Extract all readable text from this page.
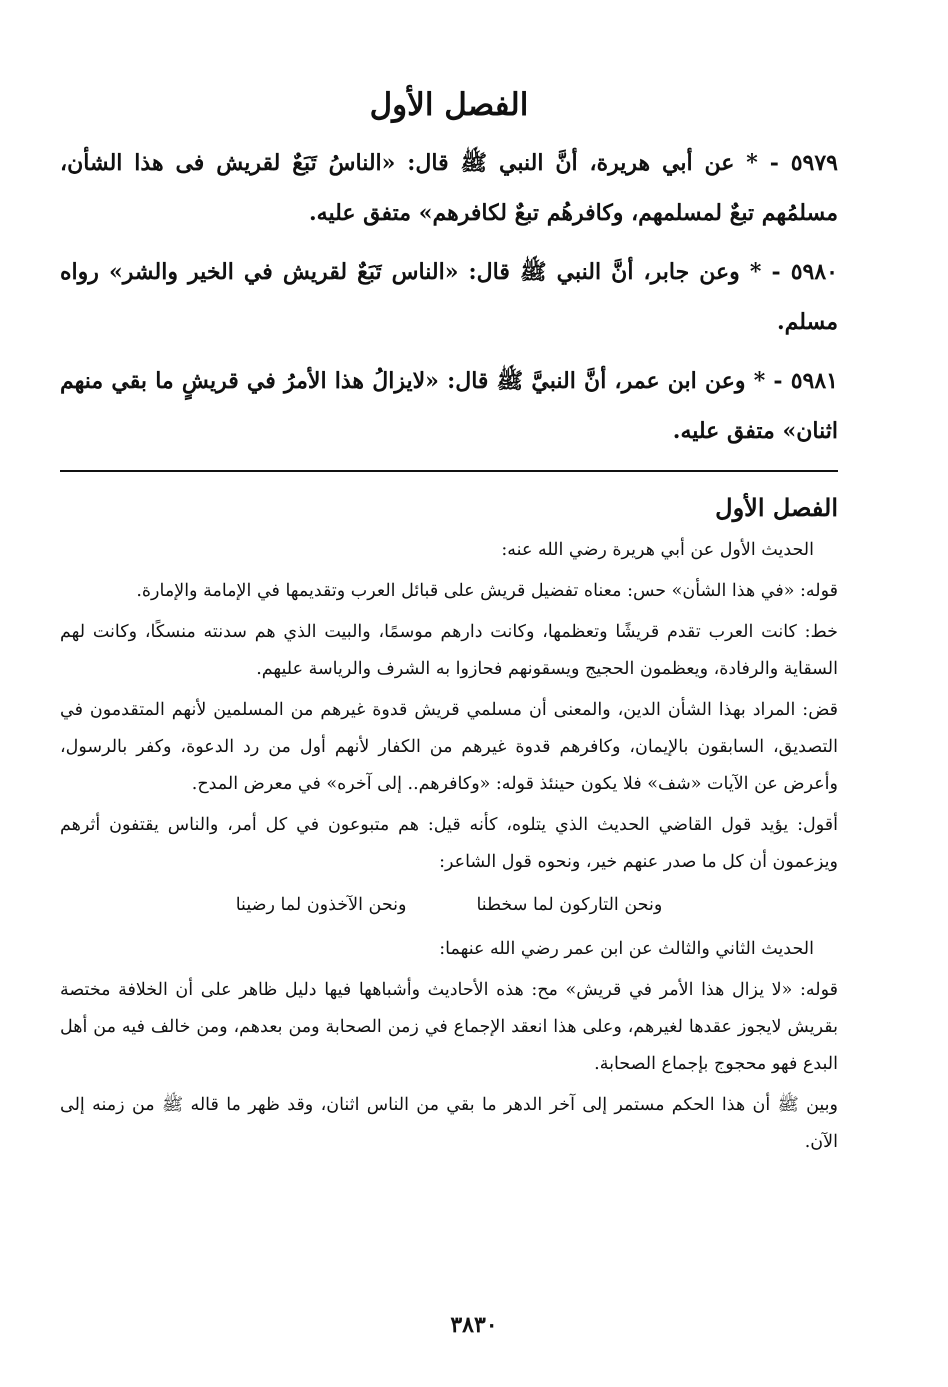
الفصل الأول

٥٩٧٩ - * عن أبي هريرة، أنَّ النبي ﷺ قال: «الناسُ تَبَعٌ لقريش فى هذا الشأن، مسلمُهم تبعٌ لمسلمهم، وكافرهُم تبعٌ لكافرهم» متفق عليه.

٥٩٨٠ - * وعن جابر، أنَّ النبي ﷺ قال: «الناس تَبَعٌ لقريش في الخير والشر» رواه مسلم.

٥٩٨١ - * وعن ابن عمر، أنَّ النبيَّ ﷺ قال: «لايزالُ هذا الأمرُ في قريشٍ ما بقي منهم اثنان» متفق عليه.

الفصل الأول

الحديث الأول عن أبي هريرة رضي الله عنه:

قوله: «في هذا الشأن» حس: معناه تفضيل قريش على قبائل العرب وتقديمها في الإمامة والإمارة.

خط: كانت العرب تقدم قريشًا وتعظمها، وكانت دارهم موسمًا، والبيت الذي هم سدنته منسكًا، وكانت لهم السقاية والرفادة، ويعظمون الحجيج ويسقونهم فحازوا به الشرف والرياسة عليهم.

قض: المراد بهذا الشأن الدين، والمعنى أن مسلمي قريش قدوة غيرهم من المسلمين لأنهم المتقدمون في التصديق، السابقون بالإيمان، وكافرهم قدوة غيرهم من الكفار لأنهم أول من رد الدعوة، وكفر بالرسول، وأعرض عن الآيات «شف» فلا يكون حينئذ قوله: «وكافرهم.. إلى آخره» في معرض المدح.

أقول: يؤيد قول القاضي الحديث الذي يتلوه، كأنه قيل: هم متبوعون في كل أمر، والناس يقتفون أثرهم ويزعمون أن كل ما صدر عنهم خير، ونحوه قول الشاعر:

ونحن التاركون لما سخطنا
ونحن الآخذون لما رضينا

الحديث الثاني والثالث عن ابن عمر رضي الله عنهما:

قوله: «لا يزال هذا الأمر في قريش» مح: هذه الأحاديث وأشباهها فيها دليل ظاهر على أن الخلافة مختصة بقريش لايجوز عقدها لغيرهم، وعلى هذا انعقد الإجماع في زمن الصحابة ومن بعدهم، ومن خالف فيه من أهل البدع فهو محجوج بإجماع الصحابة.

وبين ﷺ أن هذا الحكم مستمر إلى آخر الدهر ما بقي من الناس اثنان، وقد ظهر ما قاله ﷺ من زمنه إلى الآن.

٣٨٣٠
